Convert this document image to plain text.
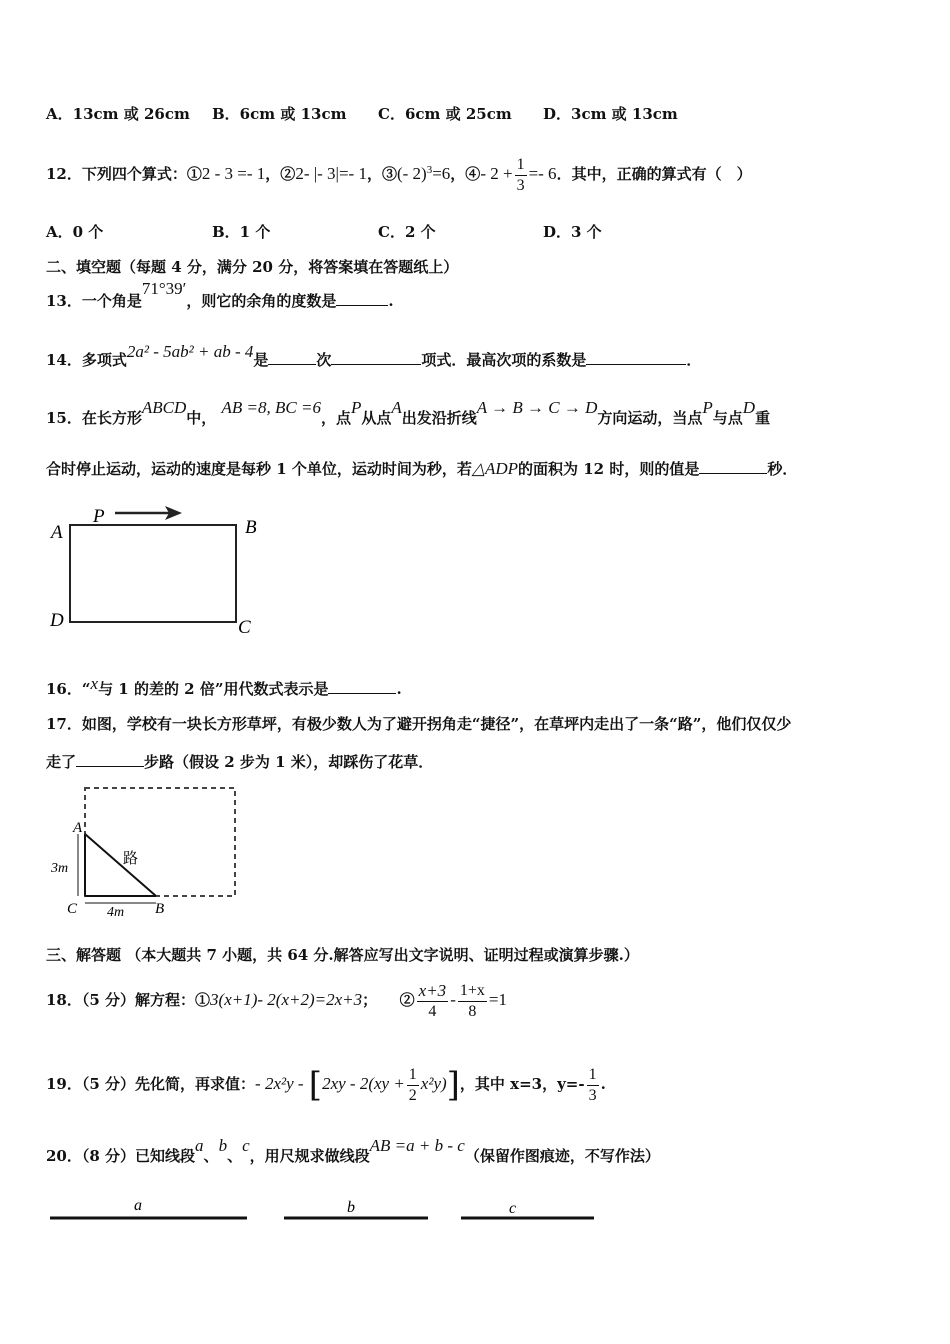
A．13cm 或 26cm B．6cm 或 13cm C．6cm 或 25cm D．3cm 或 13cm
12．下列四个算式：①2 - 3 =- 1，②2- |- 3|=- 1，③(- 2)$^3$=6，④- $2 + \frac{1}{3} =- 6$．其中，正确的算式有（　）
A．0 个	B．1 个	C．2 个	D．3 个
二、填空题（每题 4 分，满分 20 分，将答案填在答题纸上）
13．一个角是71°39′，则它的余角的度数是	.
14．多项式2a² - 5ab² + ab - 4是	次	项式．最高次项的系数是	．
15．在长方形ABCD中， AB =8, BC =6，点P从点A出发沿折线A → B → C → D方向运动，当点P与点D重
合时停止运动，运动的速度是每秒 1 个单位，运动时间为秒，若△ADP的面积为 12 时，则的值是	秒．
A
P
B
D	C
16．“x与 1 的差的 2 倍”用代数式表示是	.
17．如图，学校有一块长方形草坪，有极少数人为了避开拐角走“捷径”，在草坪内走出了一条“路”，他们仅仅少
走了	步路（假设 2 步为 1 米），却踩伤了花草．
A
C	B
3m
4m
路
三、解答题 （本大题共 7 小题，共 64 分.解答应写出文字说明、证明过程或演算步骤.）
18．（5 分）解方程：①3(x+1)- 2(x+2)=2x+3；　　② $\frac{x+3}{4} - \frac{1+x}{8} =1$
19．（5 分）先化简，再求值：- $2x^2y - [2xy - 2(xy + \frac{1}{2} x^2y)]$，其中 x=3，$y=- \frac{1}{3}$ .
20．（8 分）已知线段a、b、c，用尺规求做线段AB =a + b - c（保留作图痕迹，不写作法）
a	b	c
